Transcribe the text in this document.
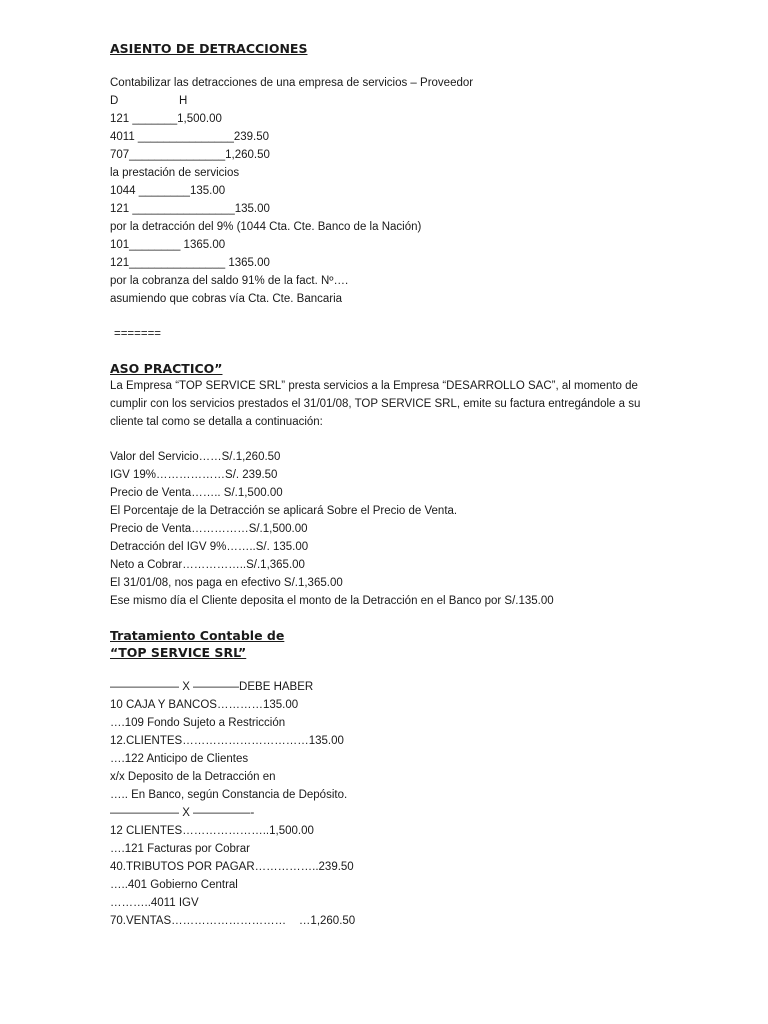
ASIENTO DE DETRACCIONES
Contabilizar las detracciones de una empresa de servicios – Proveedor
D                   H
121 _______1,500.00
4011 _______________239.50
707_______________1,260.50
la prestación de servicios
1044 ________135.00
121 ________________135.00
por la detracción del 9% (1044 Cta. Cte. Banco de la Nación)
101________ 1365.00
121_______________ 1365.00
por la cobranza del saldo 91% de la fact. Nº….
asumiendo que cobras vía Cta. Cte. Bancaria
=======
ASO PRACTICO”
La Empresa “TOP SERVICE SRL” presta servicios a la Empresa “DESARROLLO SAC”, al momento de cumplir con los servicios prestados el 31/01/08, TOP SERVICE SRL, emite su factura entregándole a su cliente tal como se detalla a continuación:
Valor del Servicio……S/.1,260.50
IGV 19%………………S/. 239.50
Precio de Venta…….. S/.1,500.00
El Porcentaje de la Detracción se aplicará Sobre el Precio de Venta.
Precio de Venta……………S/.1,500.00
Detracción del IGV 9%……..S/. 135.00
Neto a Cobrar……………..S/.1,365.00
El 31/01/08, nos paga en efectivo S/.1,365.00
Ese mismo día el Cliente deposita el monto de la Detracción en el Banco por S/.135.00
Tratamiento Contable de
“TOP SERVICE SRL”
—————— X ————DEBE HABER
10 CAJA Y BANCOS…………135.00
….109 Fondo Sujeto a Restricción
12.CLIENTES……………………………135.00
….122 Anticipo de Clientes
x/x Deposito de la Detracción en
….. En Banco, según Constancia de Depósito.
—————— X —————-
12 CLIENTES…………………..1,500.00
….121 Facturas por Cobrar
40.TRIBUTOS POR PAGAR……………..239.50
…..401 Gobierno Central
………..4011 IGV
70.VENTAS…………………………    …1,260.50
